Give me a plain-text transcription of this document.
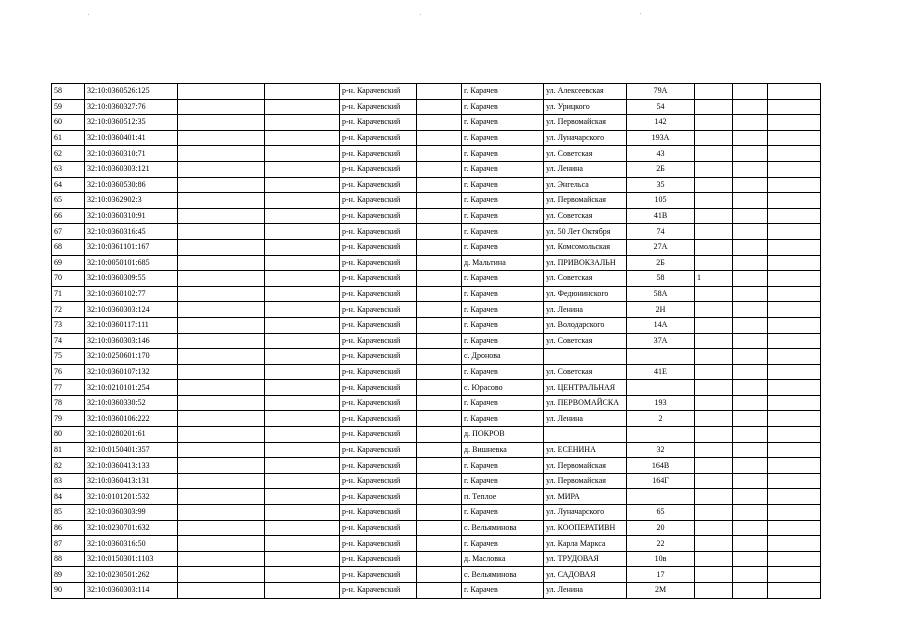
58	32:10:0360526:125			р-н. Карачевский		г. Карачев	ул. Алексеевская	79А			
59	32:10:0360327:76			р-н. Карачевский		г. Карачев	ул. Урицкого	54			
60	32:10:0360512:35			р-н. Карачевский		г. Карачев	ул. Первомайская	142			
61	32:10:0360401:41			р-н. Карачевский		г. Карачев	ул. Луначарского	193А			
62	32:10:0360310:71			р-н. Карачевский		г. Карачев	ул. Советская	43			
63	32:10:0360303:121			р-н. Карачевский		г. Карачев	ул. Ленина	2Б			
64	32:10:0360530:86			р-н. Карачевский		г. Карачев	ул. Энгельса	35			
65	32:10:0362902:3			р-н. Карачевский		г. Карачев	ул. Первомайская	105			
66	32:10:0360310:91			р-н. Карачевский		г. Карачев	ул. Советская	41В			
67	32:10:0360316:45			р-н. Карачевский		г. Карачев	ул. 50 Лет Октября	74			
68	32:10:0361101:167			р-н. Карачевский		г. Карачев	ул. Комсомольская	27А			
69	32:10:0050101:685			р-н. Карачевский		д. Мальтина	ул. ПРИВОКЗАЛЬН	2Б			
70	32:10:0360309:55			р-н. Карачевский		г. Карачев	ул. Советская	58	1		
71	32:10:0360102:77			р-н. Карачевский		г. Карачев	ул. Федюнинского	58А			
72	32:10:0360303:124			р-н. Карачевский		г. Карачев	ул. Ленина	2Н			
73	32:10:0360117:111			р-н. Карачевский		г. Карачев	ул. Володарского	14А			
74	32:10:0360303:146			р-н. Карачевский		г. Карачев	ул. Советская	37А			
75	32:10:0250601:170			р-н. Карачевский		с. Дронова					
76	32:10:0360107:132			р-н. Карачевский		г. Карачев	ул. Советская	41Е			
77	32:10:0210101:254			р-н. Карачевский		с. Юрасово	ул. ЦЕНТРАЛЬНАЯ				
78	32:10:0360330:52			р-н. Карачевский		г. Карачев	ул. ПЕРВОМАЙСКА	193			
79	32:10:0360106:222			р-н. Карачевский		г. Карачев	ул. Ленина	2			
80	32:10:0280201:61			р-н. Карачевский		д. ПОКРОВ					
81	32:10:0150401:357			р-н. Карачевский		д. Вишневка	ул. ЕСЕНИНА	32			
82	32:10:0360413:133			р-н. Карачевский		г. Карачев	ул. Первомайская	164В			
83	32:10:0360413:131			р-н. Карачевский		г. Карачев	ул. Первомайская	164Г			
84	32:10:0101201:532			р-н. Карачевский		п. Теплое	ул. МИРА				
85	32:10:0360303:99			р-н. Карачевский		г. Карачев	ул. Луначарского	65			
86	32:10:0230701:632			р-н. Карачевский		с. Вельяминова	ул. КООПЕРАТИВН	20			
87	32:10:0360316:50			р-н. Карачевский		г. Карачев	ул. Карла Маркса	22			
88	32:10:0150301:1103			р-н. Карачевский		д. Масловка	ул. ТРУДОВАЯ	10в			
89	32:10:0230501:262			р-н. Карачевский		с. Вельяминова	ул. САДОВАЯ	17			
90	32:10:0360303:114			р-н. Карачевский		г. Карачев	ул. Ленина	2М			
